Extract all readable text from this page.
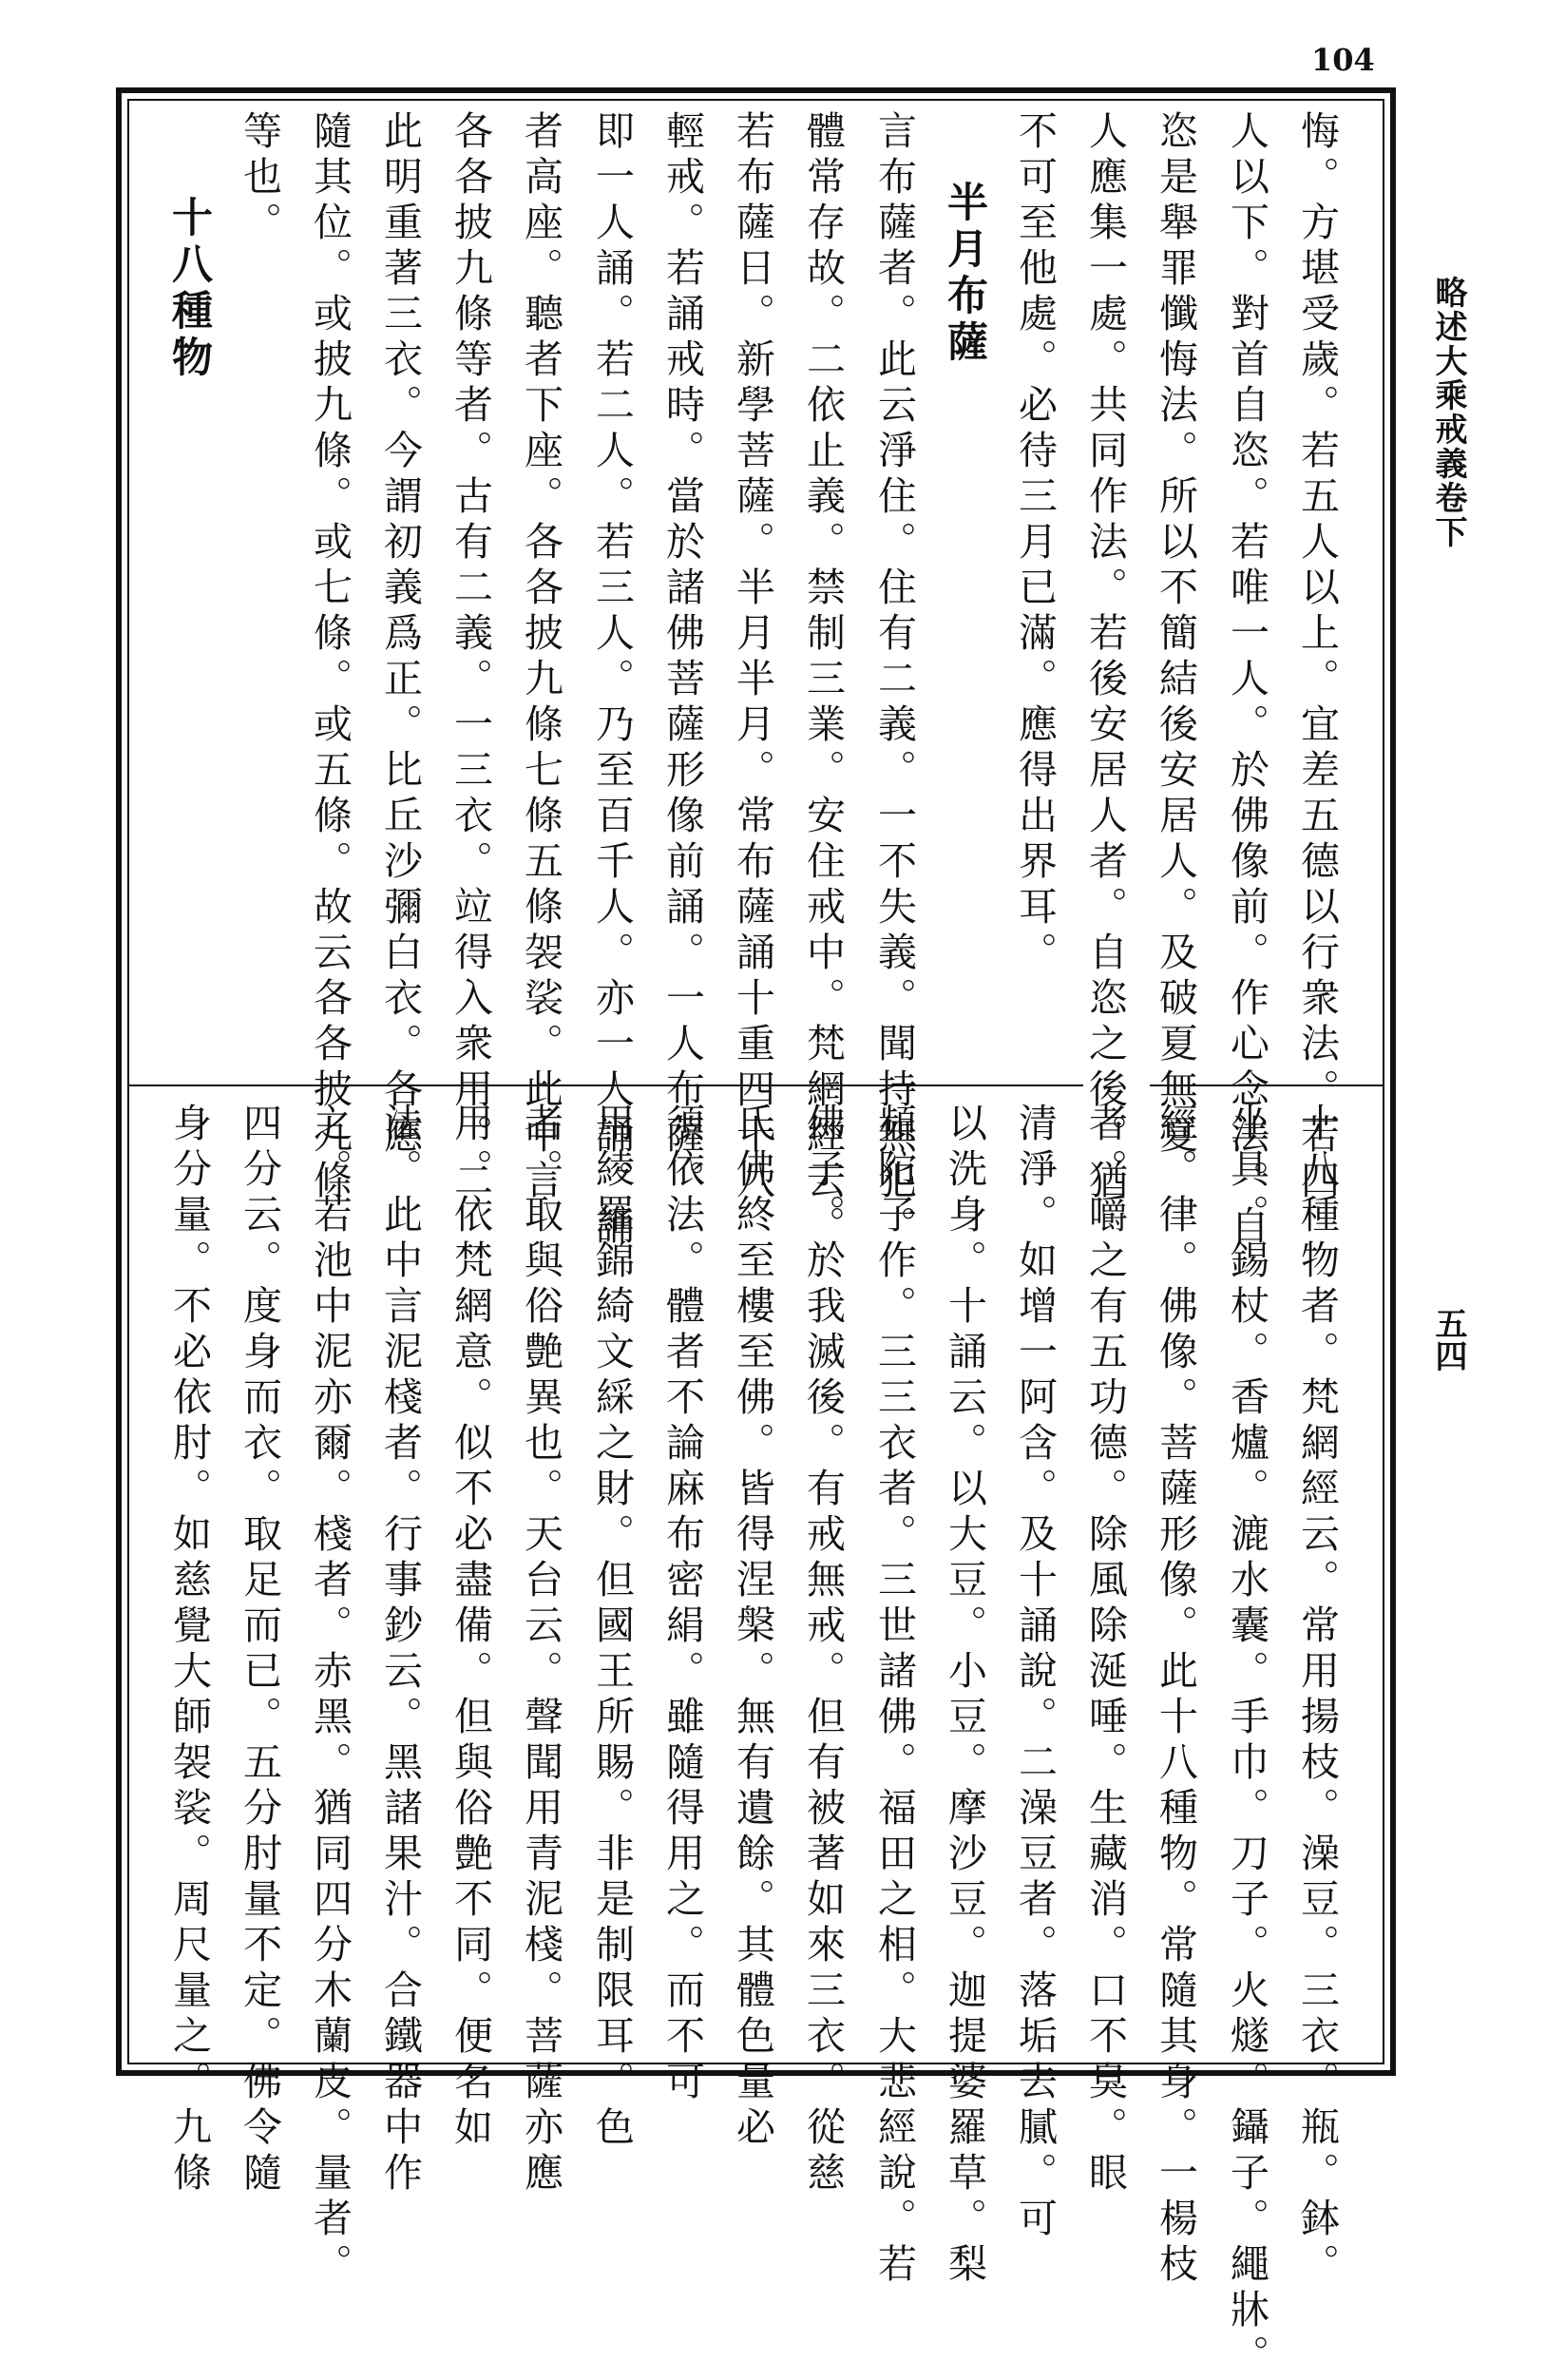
104
略述大乘戒義卷下
五四
悔。方堪受歲。若五人以上。宜差五德以行衆法。若四
人以下。對首自恣。若唯一人。於佛像前。作心念法。自
恣是舉罪懺悔法。所以不簡結後安居人。及破夏無夏
人應集一處。共同作法。若後安居人者。自恣之後。猶
不可至他處。必待三月已滿。應得出界耳。
半月布薩
言布薩者。此云淨住。住有二義。一不失義。聞持無犯。
體常存故。二依止義。禁制三業。安住戒中。梵網經云。
若布薩日。新學菩薩。半月半月。常布薩誦十重四十八
輕戒。若誦戒時。當於諸佛菩薩形像前誦。一人布薩。
即一人誦。若二人。若三人。乃至百千人。亦一人誦。誦
者高座。聽者下座。各各披九條七條五條袈裟。此中言
各各披九條等者。古有二義。一三衣。竝得入衆用。二
此明重著三衣。今謂初義爲正。比丘沙彌白衣。各應
隨其位。或披九條。或七條。或五條。故云各各披九條
等也。
十八種物
十八種物者。梵網經云。常用揚枝。澡豆。三衣。瓶。鉢。
坐具。錫杖。香爐。漉水囊。手巾。刀子。火燧。鑷子。繩牀。
經。律。佛像。菩薩形像。此十八種物。常隨其身。一楊枝
者。嚼之有五功德。除風除涎唾。生藏消。口不臭。眼
清淨。如增一阿含。及十誦說。二澡豆者。落垢去膩。可
以洗身。十誦云。以大豆。小豆。摩沙豆。迦提婆羅草。梨
頻陀子作。三三衣者。三世諸佛。福田之相。大悲經說。若
佛子。於我滅後。有戒無戒。但有被著如來三衣。從慈
氏佛終至樓至佛。皆得涅槃。無有遺餘。其體色量必
須依法。體者不論麻布密絹。雖隨得用之。而不可
用綾羅錦綺文綵之財。但國王所賜。非是制限耳。色
者。取與俗艶異也。天台云。聲聞用青泥棧。菩薩亦應
用。依梵網意。似不必盡備。但與俗艶不同。便名如
法。此中言泥棧者。行事鈔云。黑諸果汁。合鐵器中作
之。若池中泥亦爾。棧者。赤黑。猶同四分木蘭皮。量者。
四分云。度身而衣。取足而已。五分肘量不定。佛令隨
身分量。不必依肘。如慈覺大師袈裟。周尺量之。九條
